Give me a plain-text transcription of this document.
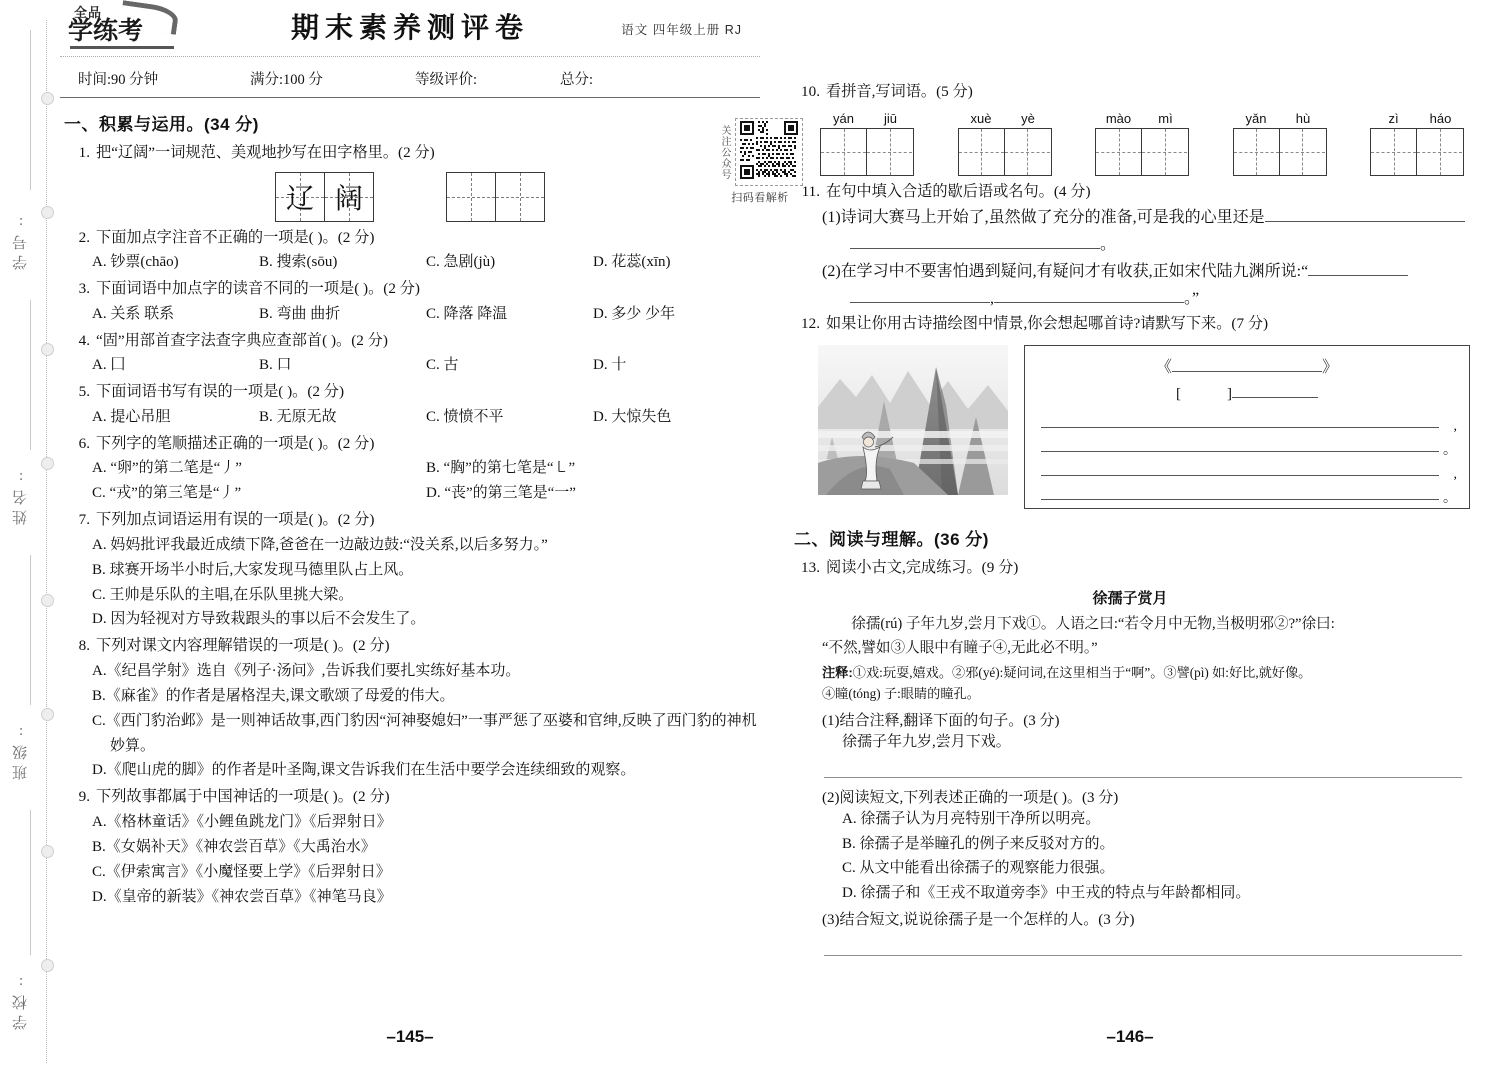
学号:
姓名:
班级:
学校:
全品
学练考	期末素养测评卷	语文 四年级上册 RJ
时间:90 分钟	满分:100 分	等级评价:	总分:
关注公众号
扫码看解析
一、积累与运用。(34 分)
1. 把“辽阔”一词规范、美观地抄写在田字格里。(2 分)
辽 阔
2. 下面加点字注音不正确的一项是( )。(2 分)
A. 钞票(chāo)	B. 搜索(sōu)	C. 急剧(jù)	D. 花蕊(xīn)
3. 下面词语中加点字的读音不同的一项是( )。(2 分)
A. 关系 联系	B. 弯曲 曲折	C. 降落 降温	D. 多少 少年
4. “固”用部首查字法查字典应查部首( )。(2 分)
A. 囗	B. 口	C. 古	D. 十
5. 下面词语书写有误的一项是( )。(2 分)
A. 提心吊胆	B. 无原无故	C. 愤愤不平	D. 大惊失色
6. 下列字的笔顺描述正确的一项是( )。(2 分)
A. “卵”的第二笔是“丿”	B. “胸”的第七笔是“㇄”
C. “戎”的第三笔是“丿”	D. “丧”的第三笔是“一”
7. 下列加点词语运用有误的一项是( )。(2 分)
A. 妈妈批评我最近成绩下降,爸爸在一边敲边鼓:“没关系,以后多努力。”
B. 球赛开场半小时后,大家发现马德里队占上风。
C. 王帅是乐队的主唱,在乐队里挑大梁。
D. 因为轻视对方导致栽跟头的事以后不会发生了。
8. 下列对课文内容理解错误的一项是( )。(2 分)
A.《纪昌学射》选自《列子·汤问》,告诉我们要扎实练好基本功。
B.《麻雀》的作者是屠格涅夫,课文歌颂了母爱的伟大。
C.《西门豹治邺》是一则神话故事,西门豹因“河神娶媳妇”一事严惩了巫婆和官绅,反映了西门豹的神机妙算。
D.《爬山虎的脚》的作者是叶圣陶,课文告诉我们在生活中要学会连续细致的观察。
9. 下列故事都属于中国神话的一项是( )。(2 分)
A.《格林童话》《小鲤鱼跳龙门》《后羿射日》
B.《女娲补天》《神农尝百草》《大禹治水》
C.《伊索寓言》《小魔怪要上学》《后羿射日》
D.《皇帝的新装》《神农尝百草》《神笔马良》
–145–
10. 看拼音,写词语。(5 分)
yán	jiū	xuè	yè	mào	mì	yǎn	hù	zì	háo
11. 在句中填入合适的歇后语或名句。(4 分)
(1)诗词大赛马上开始了,虽然做了充分的准备,可是我的心里还是
。
(2)在学习中不要害怕遇到疑问,有疑问才有收获,正如宋代陆九渊所说:“
,	。”
12. 如果让你用古诗描绘图中情景,你会想起哪首诗?请默写下来。(7 分)
《	》
[	]
,
。
,
。
二、阅读与理解。(36 分)
13. 阅读小古文,完成练习。(9 分)
徐孺子赏月
徐孺(rú) 子年九岁,尝月下戏①。人语之曰:“若令月中无物,当极明邪②?”徐曰:
“不然,譬如③人眼中有瞳子④,无此必不明。”
注释:①戏:玩耍,嬉戏。②邪(yé):疑问词,在这里相当于“啊”。③譬(pì) 如:好比,就好像。
④瞳(tóng) 子:眼睛的瞳孔。
(1)结合注释,翻译下面的句子。(3 分)
徐孺子年九岁,尝月下戏。
(2)阅读短文,下列表述正确的一项是( )。(3 分)
A. 徐孺子认为月亮特别干净所以明亮。
B. 徐孺子是举瞳孔的例子来反驳对方的。
C. 从文中能看出徐孺子的观察能力很强。
D. 徐孺子和《王戎不取道旁李》中王戎的特点与年龄都相同。
(3)结合短文,说说徐孺子是一个怎样的人。(3 分)
–146–
